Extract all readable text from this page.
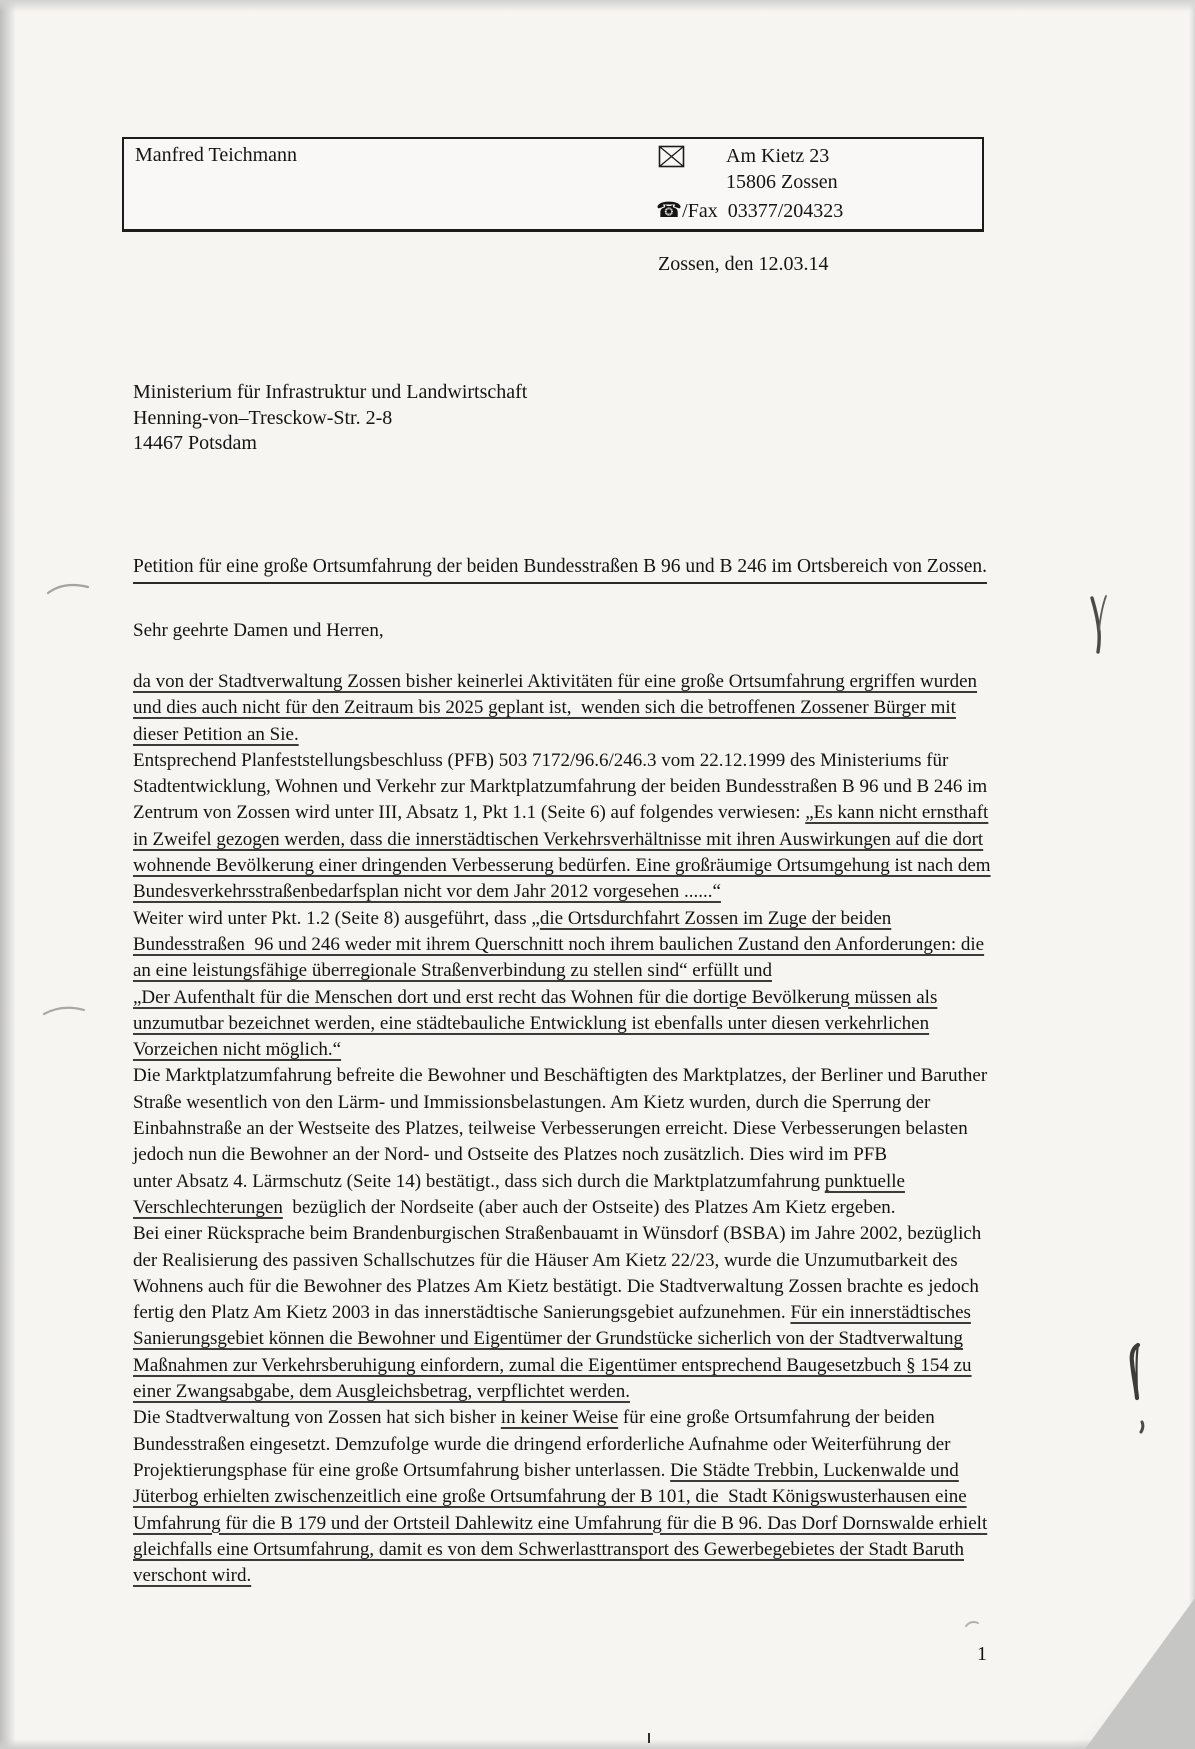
Manfred Teichmann	Am Kietz 23
15806 Zossen
☎/Fax 03377/204323
Zossen, den 12.03.14
Ministerium für Infrastruktur und Landwirtschaft
Henning-von–Tresckow-Str. 2-8
14467 Potsdam
Petition für eine große Ortsumfahrung der beiden Bundesstraßen B 96 und B 246 im Ortsbereich von Zossen.
Sehr geehrte Damen und Herren,
da von der Stadtverwaltung Zossen bisher keinerlei Aktivitäten für eine große Ortsumfahrung ergriffen wurden
und dies auch nicht für den Zeitraum bis 2025 geplant ist,  wenden sich die betroffenen Zossener Bürger mit
dieser Petition an Sie.
Entsprechend Planfeststellungsbeschluss (PFB) 503 7172/96.6/246.3 vom 22.12.1999 des Ministeriums für
Stadtentwicklung, Wohnen und Verkehr zur Marktplatzumfahrung der beiden Bundesstraßen B 96 und B 246 im
Zentrum von Zossen wird unter III, Absatz 1, Pkt 1.1 (Seite 6) auf folgendes verwiesen: „Es kann nicht ernsthaft
in Zweifel gezogen werden, dass die innerstädtischen Verkehrsverhältnisse mit ihren Auswirkungen auf die dort
wohnende Bevölkerung einer dringenden Verbesserung bedürfen. Eine großräumige Ortsumgehung ist nach dem
Bundesverkehrsstraßenbedarfsplan nicht vor dem Jahr 2012 vorgesehen ......“
Weiter wird unter Pkt. 1.2 (Seite 8) ausgeführt, dass „die Ortsdurchfahrt Zossen im Zuge der beiden
Bundesstraßen  96 und 246 weder mit ihrem Querschnitt noch ihrem baulichen Zustand den Anforderungen: die
an eine leistungsfähige überregionale Straßenverbindung zu stellen sind“ erfüllt und
„Der Aufenthalt für die Menschen dort und erst recht das Wohnen für die dortige Bevölkerung müssen als
unzumutbar bezeichnet werden, eine städtebauliche Entwicklung ist ebenfalls unter diesen verkehrlichen
Vorzeichen nicht möglich.“
Die Marktplatzumfahrung befreite die Bewohner und Beschäftigten des Marktplatzes, der Berliner und Baruther
Straße wesentlich von den Lärm- und Immissionsbelastungen. Am Kietz wurden, durch die Sperrung der
Einbahnstraße an der Westseite des Platzes, teilweise Verbesserungen erreicht. Diese Verbesserungen belasten
jedoch nun die Bewohner an der Nord- und Ostseite des Platzes noch zusätzlich. Dies wird im PFB
unter Absatz 4. Lärmschutz (Seite 14) bestätigt., dass sich durch die Marktplatzumfahrung punktuelle
Verschlechterungen  bezüglich der Nordseite (aber auch der Ostseite) des Platzes Am Kietz ergeben.
Bei einer Rücksprache beim Brandenburgischen Straßenbauamt in Wünsdorf (BSBA) im Jahre 2002, bezüglich
der Realisierung des passiven Schallschutzes für die Häuser Am Kietz 22/23, wurde die Unzumutbarkeit des
Wohnens auch für die Bewohner des Platzes Am Kietz bestätigt. Die Stadtverwaltung Zossen brachte es jedoch
fertig den Platz Am Kietz 2003 in das innerstädtische Sanierungsgebiet aufzunehmen. Für ein innerstädtisches
Sanierungsgebiet können die Bewohner und Eigentümer der Grundstücke sicherlich von der Stadtverwaltung
Maßnahmen zur Verkehrsberuhigung einfordern, zumal die Eigentümer entsprechend Baugesetzbuch § 154 zu
einer Zwangsabgabe, dem Ausgleichsbetrag, verpflichtet werden.
Die Stadtverwaltung von Zossen hat sich bisher in keiner Weise für eine große Ortsumfahrung der beiden
Bundesstraßen eingesetzt. Demzufolge wurde die dringend erforderliche Aufnahme oder Weiterführung der
Projektierungsphase für eine große Ortsumfahrung bisher unterlassen. Die Städte Trebbin, Luckenwalde und
Jüterbog erhielten zwischenzeitlich eine große Ortsumfahrung der B 101, die  Stadt Königswusterhausen eine
Umfahrung für die B 179 und der Ortsteil Dahlewitz eine Umfahrung für die B 96. Das Dorf Dornswalde erhielt
gleichfalls eine Ortsumfahrung, damit es von dem Schwerlasttransport des Gewerbegebietes der Stadt Baruth
verschont wird.
1
